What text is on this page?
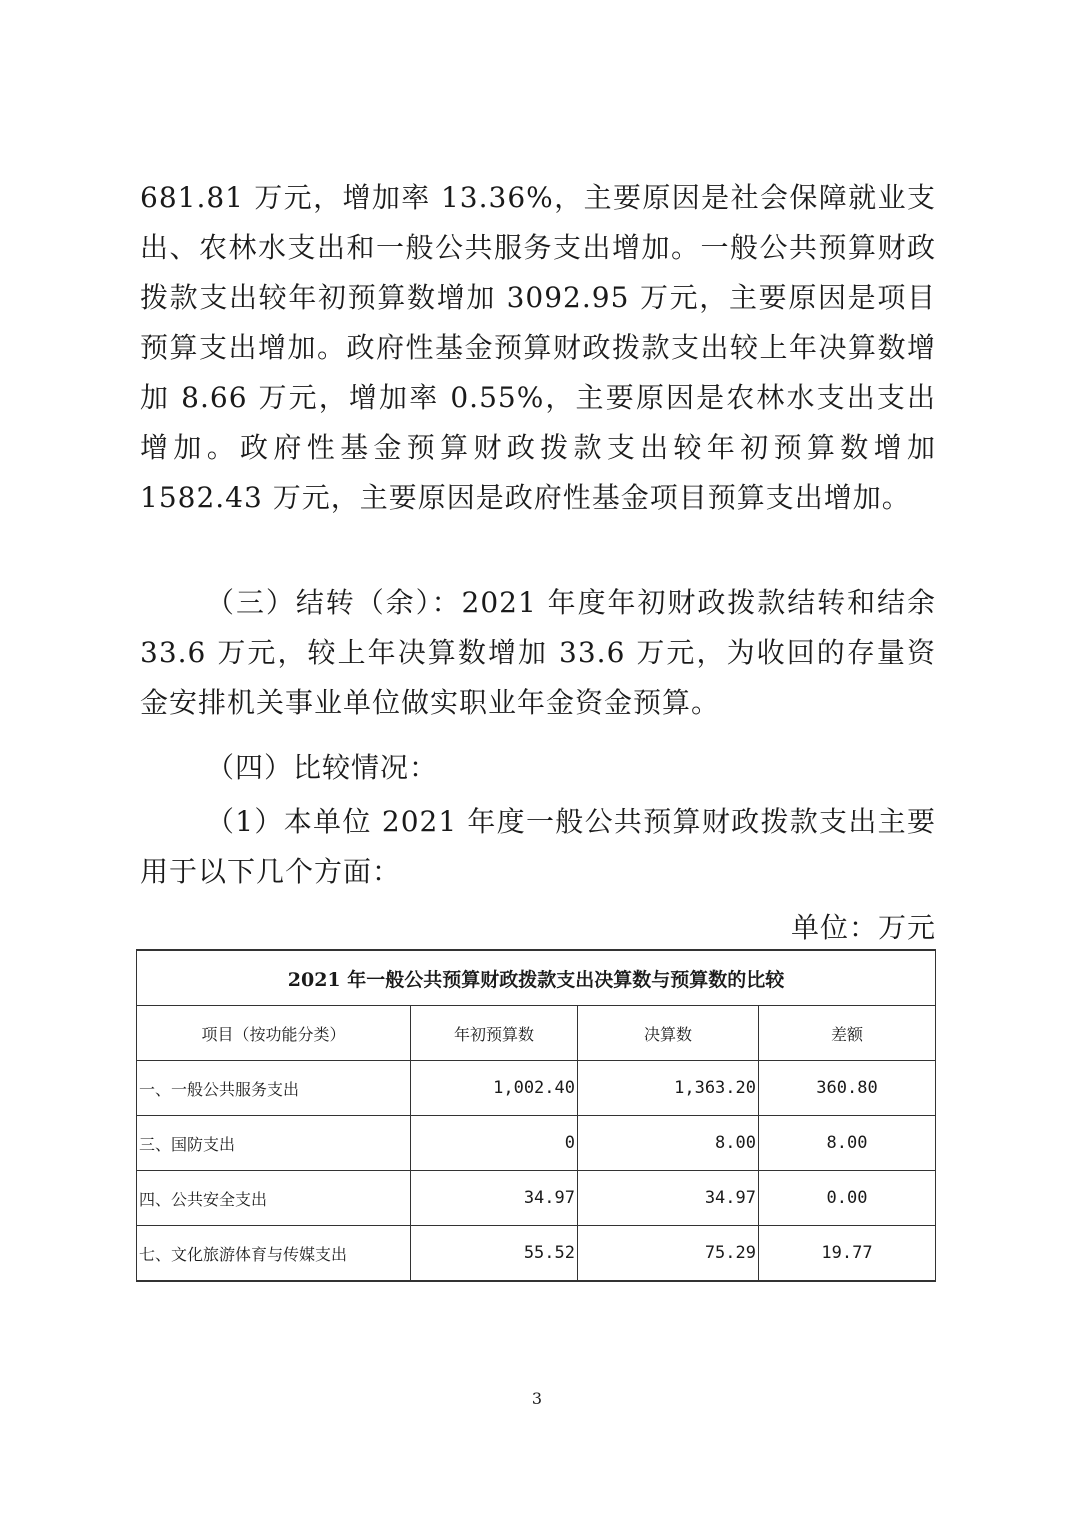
681.81 万元，增加率 13.36%，主要原因是社会保障就业支出、农林水支出和一般公共服务支出增加。一般公共预算财政拨款支出较年初预算数增加 3092.95 万元，主要原因是项目预算支出增加。政府性基金预算财政拨款支出较上年决算数增加 8.66 万元，增加率 0.55%，主要原因是农林水支出支出增加。政府性基金预算财政拨款支出较年初预算数增加 1582.43 万元，主要原因是政府性基金项目预算支出增加。

（三）结转（余）：2021 年度年初财政拨款结转和结余 33.6 万元，较上年决算数增加 33.6 万元，为收回的存量资金安排机关事业单位做实职业年金资金预算。

（四）比较情况：

（1）本单位 2021 年度一般公共预算财政拨款支出主要用于以下几个方面：

单位：万元
2021 年一般公共预算财政拨款支出决算数与预算数的比较			
项目（按功能分类）	年初预算数	决算数	差额
一、一般公共服务支出	1,002.40	1,363.20	360.80
三、国防支出	0	8.00	8.00
四、公共安全支出	34.97	34.97	0.00
七、文化旅游体育与传媒支出	55.52	75.29	19.77
3
